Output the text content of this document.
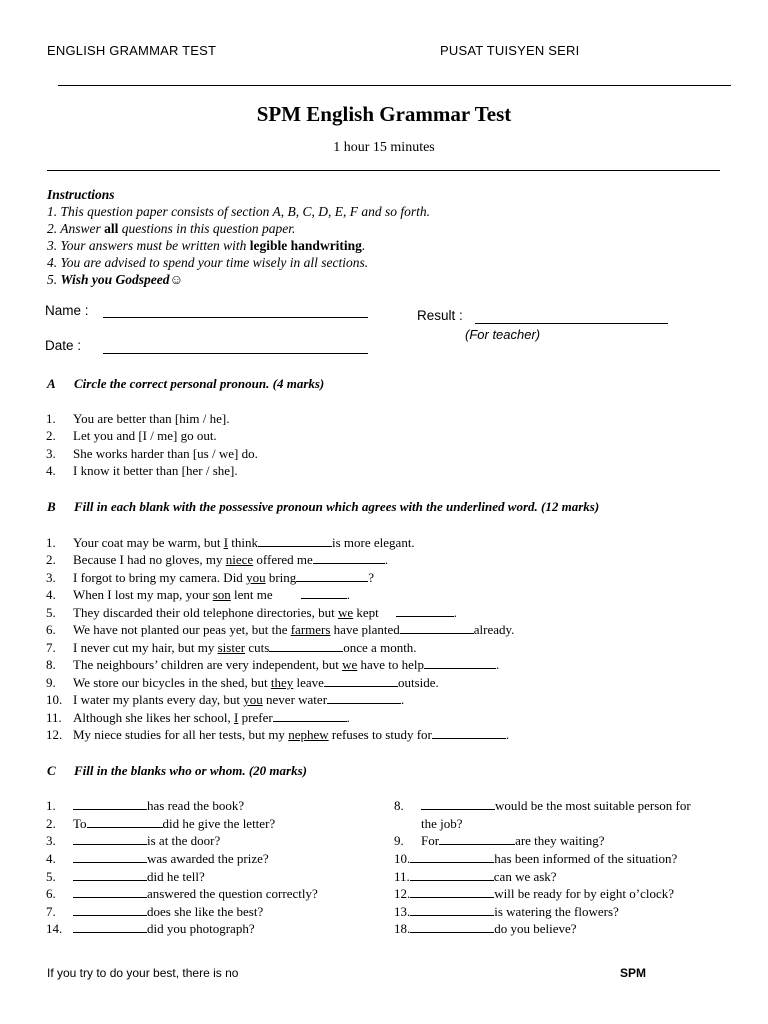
ENGLISH GRAMMAR TEST	PUSAT TUISYEN SERI
SPM English Grammar Test
1 hour 15 minutes
Instructions
1. This question paper consists of section A, B, C, D, E, F and so forth.
2. Answer all questions in this question paper.
3. Your answers must be written with legible handwriting.
4. You are advised to spend your time wisely in all sections.
5. Wish you Godspeed☺
Name :
Date :
Result :
(For teacher)
A Circle the correct personal pronoun. (4 marks)
1. You are better than [him / he].
2. Let you and [I / me] go out.
3. She works harder than [us / we] do.
4. I know it better than [her / she].
B Fill in each blank with the possessive pronoun which agrees with the underlined word. (12 marks)
1. Your coat may be warm, but I think	is more elegant.
2. Because I had no gloves, my niece offered me	.
3. I forgot to bring my camera. Did you bring	?
4. When I lost my map, your son lent me	.
5. They discarded their old telephone directories, but we kept	.
6. We have not planted our peas yet, but the farmers have planted	already.
7. I never cut my hair, but my sister cuts	once a month.
8. The neighbours’ children are very independent, but we have to help	.
9. We store our bicycles in the shed, but they leave	outside.
10. I water my plants every day, but you never water	.
11. Although she likes her school, I prefer	.
12. My niece studies for all her tests, but my nephew refuses to study for	.
C Fill in the blanks who or whom. (20 marks)
1.	has read the book?
2. To	did he give the letter?
3.	is at the door?
4.	was awarded the prize?
5.	did he tell?
6.	answered the question correctly?
7.	does she like the best?
14.	did you photograph?
8.	would be the most suitable person for
the job?
9. For	are they waiting?
10.	has been informed of the situation?
11.	can we ask?
12.	will be ready for by eight o’clock?
13.	is watering the flowers?
18.	do you believe?
If you try to do your best, there is no	SPM
